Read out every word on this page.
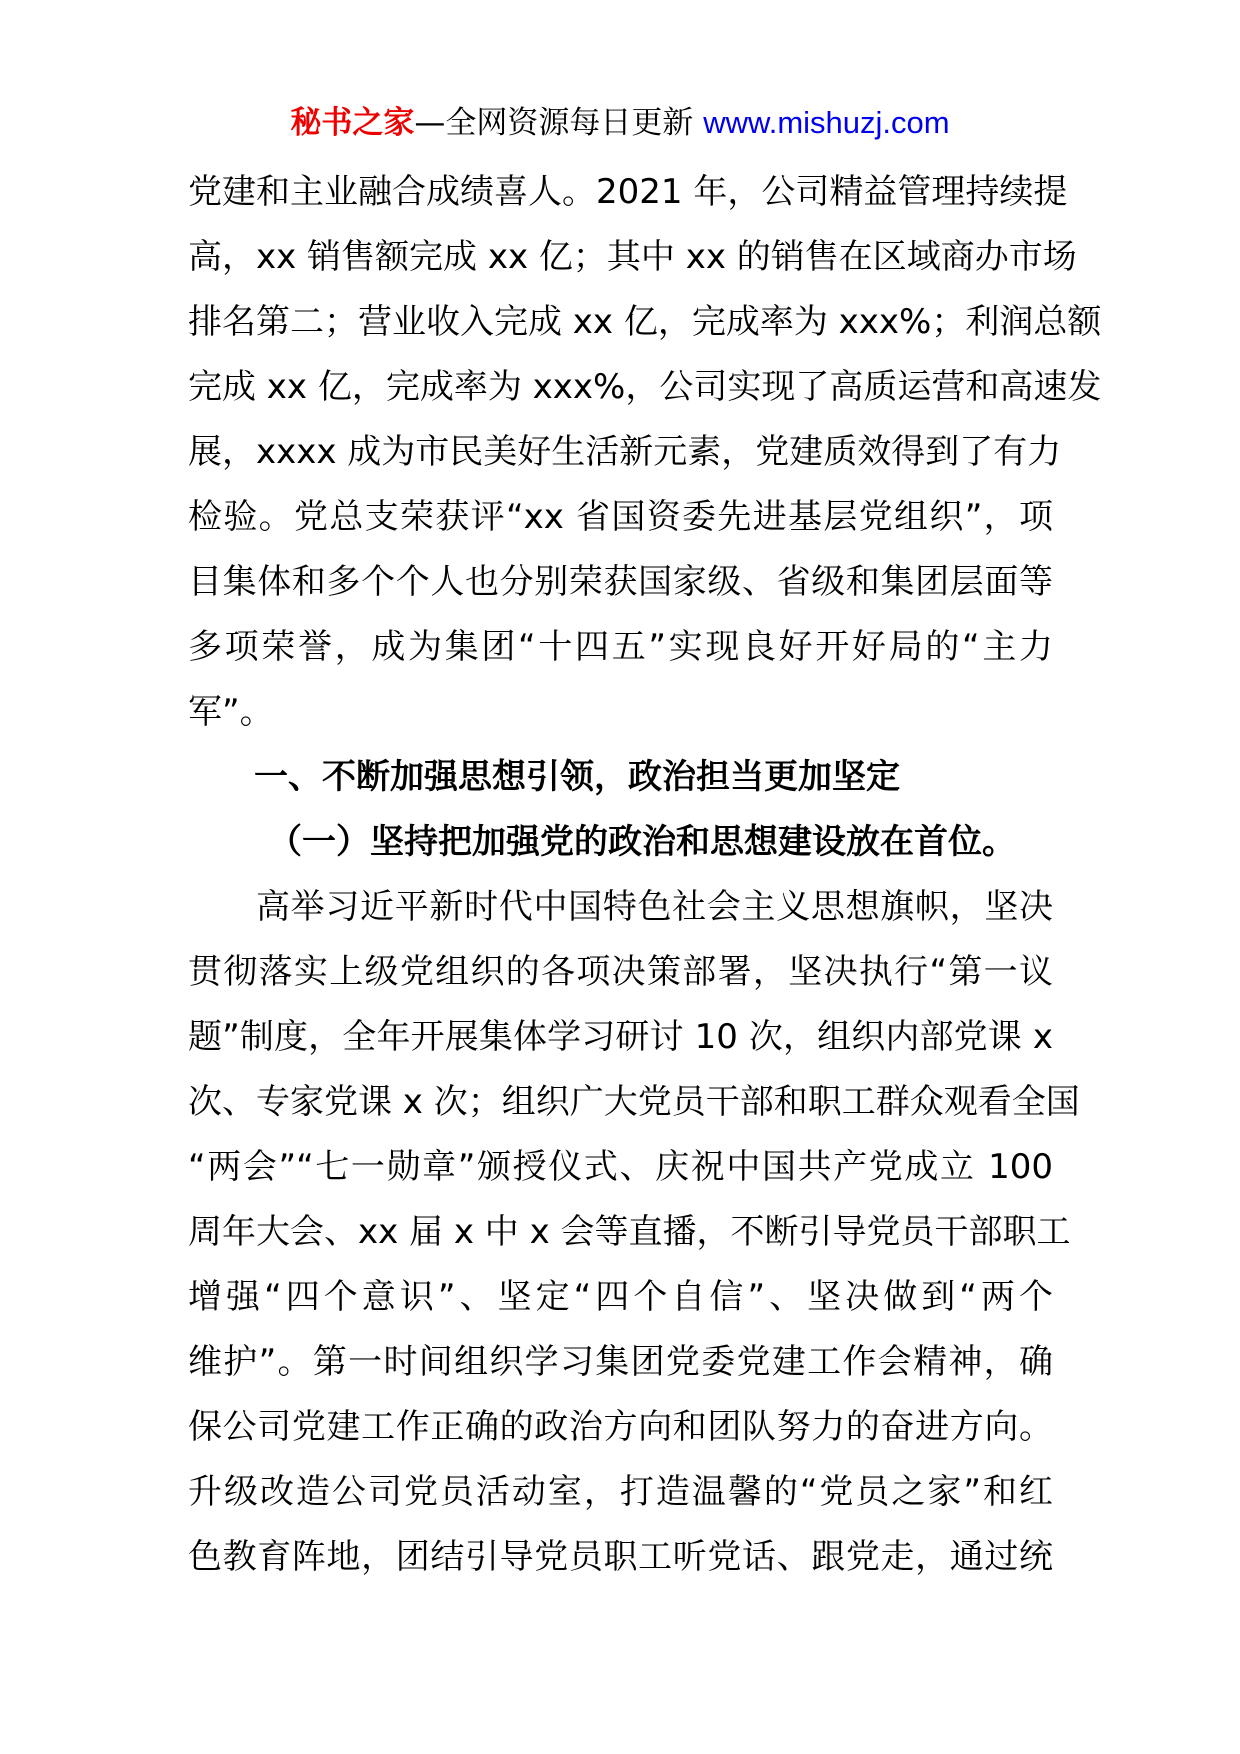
秘书之家—全网资源每日更新 www.mishuzj.com
党建和主业融合成绩喜人。2021 年，公司精益管理持续提
高，xx 销售额完成 xx 亿；其中 xx 的销售在区域商办市场
排名第二；营业收入完成 xx 亿，完成率为 xxx%；利润总额
完成 xx 亿，完成率为 xxx%，公司实现了高质运营和高速发
展，xxxx 成为市民美好生活新元素，党建质效得到了有力
检验。党总支荣获评“xx 省国资委先进基层党组织”，项
目集体和多个个人也分别荣获国家级、省级和集团层面等
多项荣誉，成为集团“十四五”实现良好开好局的“主力
军”。
一、不断加强思想引领，政治担当更加坚定
（一）坚持把加强党的政治和思想建设放在首位。
高举习近平新时代中国特色社会主义思想旗帜，坚决
贯彻落实上级党组织的各项决策部署，坚决执行“第一议
题”制度，全年开展集体学习研讨 10 次，组织内部党课 x
次、专家党课 x 次；组织广大党员干部和职工群众观看全国
“两会”“七一勋章”颁授仪式、庆祝中国共产党成立 100
周年大会、xx 届 x 中 x 会等直播，不断引导党员干部职工
增强“四个意识”、坚定“四个自信”、坚决做到“两个
维护”。第一时间组织学习集团党委党建工作会精神，确
保公司党建工作正确的政治方向和团队努力的奋进方向。
升级改造公司党员活动室，打造温馨的“党员之家”和红
色教育阵地，团结引导党员职工听党话、跟党走，通过统
